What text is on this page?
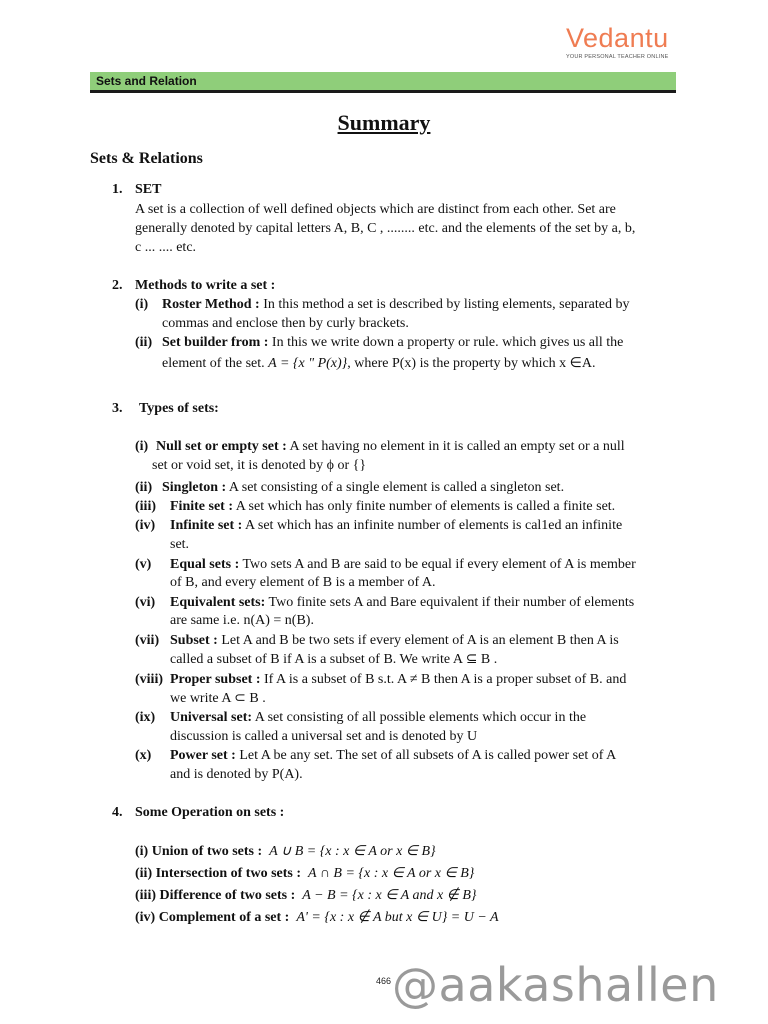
Vedantu
YOUR PERSONAL TEACHER ONLINE
Sets and Relation
Summary
Sets & Relations
1. SET
A set is a collection of well defined objects which are distinct from each other. Set are
generally denoted by capital letters A, B, C , ........ etc. and the elements of the set by a, b,
c ... .... etc.
2. Methods to write a set :
(i) Roster Method : In this method a set is described by listing elements, separated by
commas and enclose then by curly brackets.
(ii) Set builder from : In this we write down a property or rule. which gives us all the
element of the set. A = {x " P(x)}, where P(x) is the property by which x ∈A.
3. Types of sets:
(i) Null set or empty set : A set having no element in it is called an empty set or a null
set or void set, it is denoted by ϕ or {}
(ii) Singleton : A set consisting of a single element is called a singleton set.
(iii) Finite set : A set which has only finite number of elements is called a finite set.
(iv) Infinite set : A set which has an infinite number of elements is cal1ed an infinite
set.
(v) Equal sets : Two sets A and B are said to be equal if every element of A is member
of B, and every element of B is a member of A.
(vi) Equivalent sets: Two finite sets A and Bare equivalent if their number of elements
are same i.e. n(A) = n(B).
(vii) Subset : Let A and B be two sets if every element of A is an element B then A is
called a subset of B if A is a subset of B. We write A ⊆ B .
(viii) Proper subset : If A is a subset of B s.t. A ≠ B then A is a proper subset of B. and
we write A ⊂ B .
(ix) Universal set: A set consisting of all possible elements which occur in the
discussion is called a universal set and is denoted by U
(x) Power set : Let A be any set. The set of all subsets of A is called power set of A
and is denoted by P(A).
4. Some Operation on sets :
(i) Union of two sets : A ∪ B = {x : x ∈ A or x ∈ B}
(ii) Intersection of two sets : A ∩ B = {x : x ∈ A or x ∈ B}
(iii) Difference of two sets : A − B = {x : x ∈ A and x ∉ B}
(iv) Complement of a set : A' = {x : x ∉ A but x ∈ U} = U − A
466 @aakashallen
